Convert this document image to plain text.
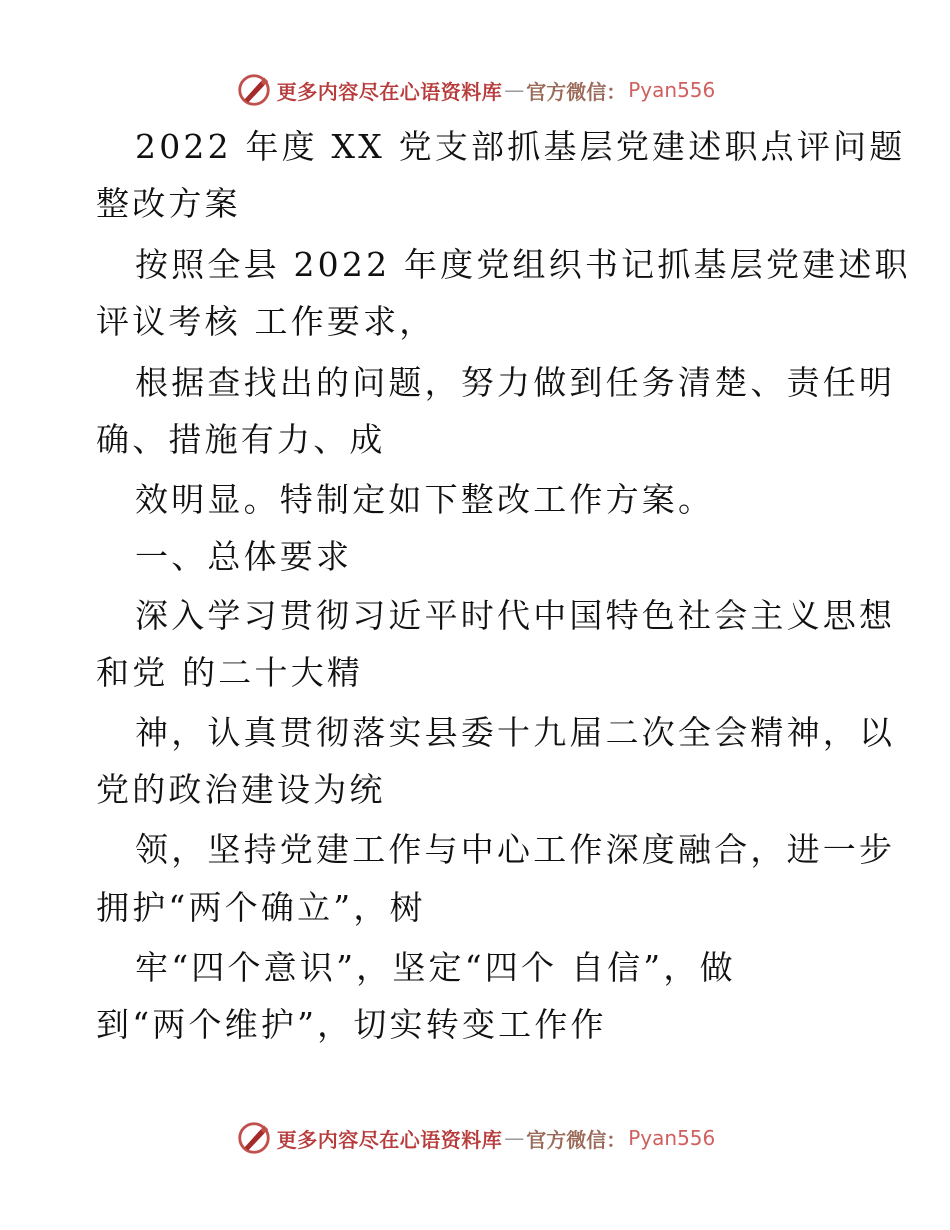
更多内容尽在心语资料库 — 官方微信： Pyan556
2022 年度 XX 党支部抓基层党建述职点评问题
整改方案
按照全县 2022 年度党组织书记抓基层党建述职
评议考核 工作要求，
根据查找出的问题，努力做到任务清楚、责任明
确、措施有力、成
效明显。特制定如下整改工作方案。
一、总体要求
深入学习贯彻习近平时代中国特色社会主义思想
和党 的二十大精
神，认真贯彻落实县委十九届二次全会精神，以
党的政治建设为统
领，坚持党建工作与中心工作深度融合，进一步
拥护“两个确立”，树
牢“四个意识”，坚定“四个 自信”，做
到“两个维护”，切实转变工作作
更多内容尽在心语资料库 — 官方微信： Pyan556
